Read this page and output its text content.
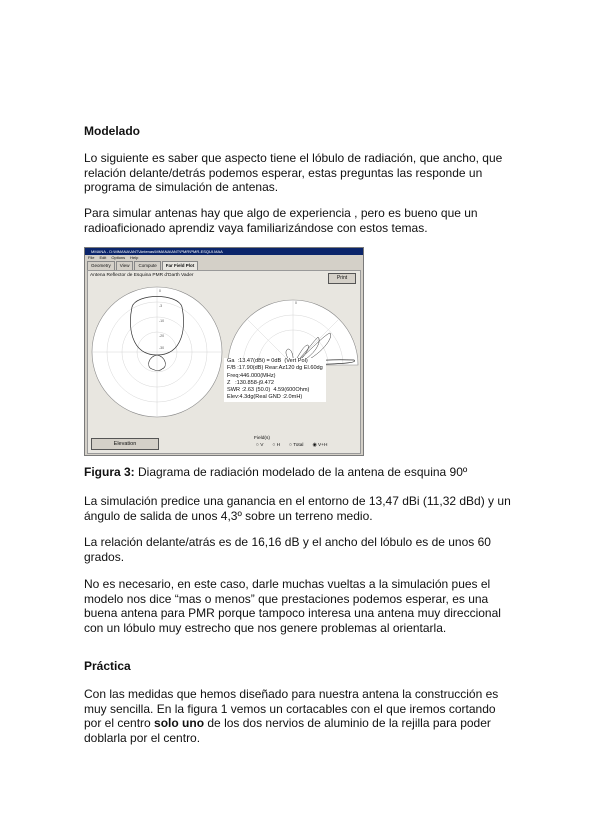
Modelado

Lo siguiente es saber que aspecto tiene el lóbulo de radiación, que ancho, que relación delante/detrás podemos esperar, estas preguntas las responde un programa de simulación de antenas.

Para simular antenas hay que algo de experiencia , pero es bueno que un radioaficionado aprendiz vaya familiarizándose con estos temas.

MMANA - D:\MMANA\ANT\Antenas\MMANA\ANT\PMR\PMR-ESQUI.MAA
File Edit Options Help
Geometry	View	Compute	Far Field Plot
Antena Reflector de Esquina PMR d'Darth Vader	Print
0
-3
-10
-20
-30
0
Ga  :13.47(dBi) = 0dB  (Vert Pol)
F/B :17.90(dB) Rear:Az120 dg El.60dg
Freq:446.000(MHz)
Z   :130.858-j9.472
SWR :2.63 (50.0)  4.59(600Ohm)
Elev:4.3dg(Real GND :2.0mH)
Elevation
Field(s)
○ V ○ H ○ Total ◉ V+H

Figura 3: Diagrama de radiación modelado de la antena de esquina 90º

La simulación predice una ganancia en el entorno de 13,47 dBi (11,32 dBd) y un ángulo de salida de unos 4,3º sobre un terreno medio.

La relación delante/atrás es de 16,16 dB y el ancho del lóbulo es de unos 60 grados.

No es necesario, en este caso, darle muchas vueltas a la simulación pues el modelo nos dice “mas o menos” que prestaciones podemos esperar, es una buena antena para PMR porque tampoco interesa una antena muy direccional con un lóbulo muy estrecho que nos genere problemas al orientarla.

Práctica

Con las medidas que hemos diseñado para nuestra antena la construcción es muy sencilla. En la figura 1 vemos un cortacables con el que iremos cortando por el centro solo uno de los dos nervios de aluminio de la rejilla para poder doblarla por el centro.
